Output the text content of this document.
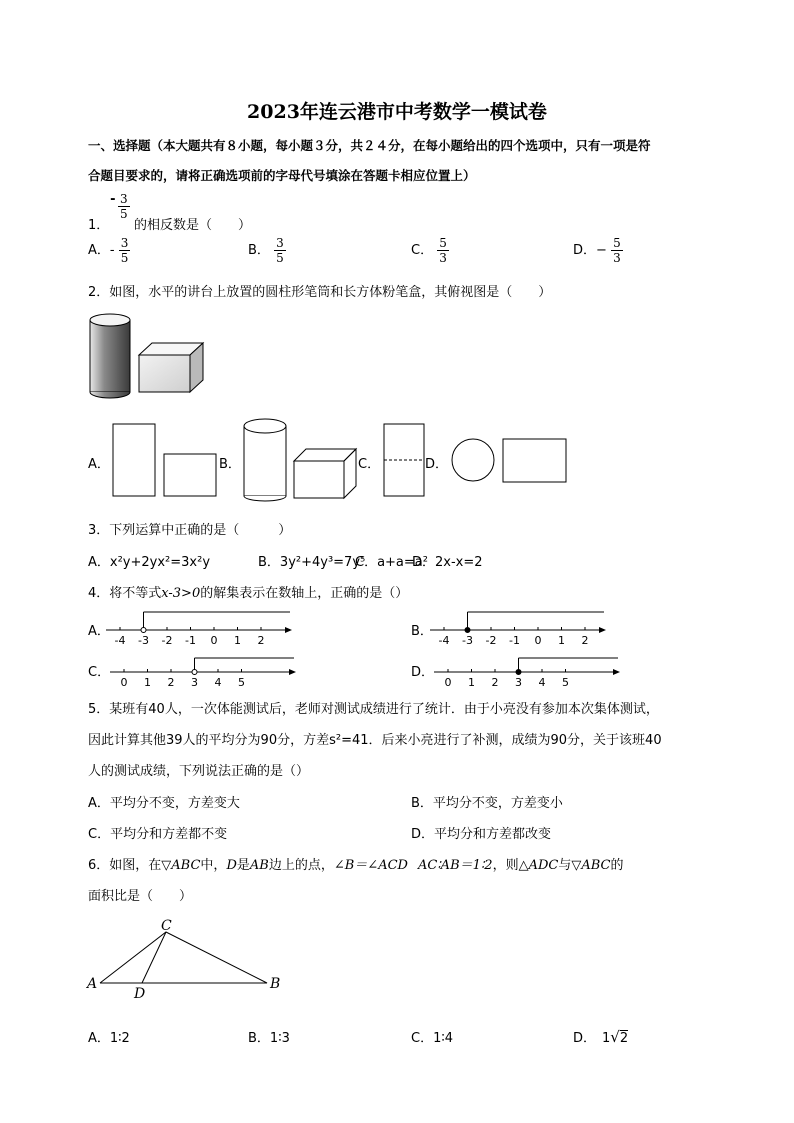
2023年连云港市中考数学一模试卷
一、选择题（本大题共有８小题，每小题３分，共２４分，在每小题给出的四个选项中，只有一项是符
合题目要求的，请将正确选项前的字母代号填涂在答题卡相应位置上）
-
1．
$\frac{3}{5}$
的相反数是（　　）
A．- $\frac{3}{5}$	B． $\frac{3}{5}$	C． $\frac{5}{3}$	D．− $\frac{5}{3}$
2．如图，水平的讲台上放置的圆柱形笔筒和长方体粉笔盒，其俯视图是（　　）
A．	B．	C．	D．
3．下列运算中正确的是（　　　）
A．x²y+2yx²=3x²y	B．3y²+4y³=7y⁵
C．a+a=a²
D．2x-x=2
4．将不等式x-3>0的解集表示在数轴上，正确的是（）
A．
-4 -3 -2 -1 0 1 2
B．
-4 -3 -2 -1 0 1 2
C．
0 1 2 3 4 5
D．
0 1 2 3 4 5
5．某班有40人，一次体能测试后，老师对测试成绩进行了统计．由于小亮没有参加本次集体测试，
因此计算其他39人的平均分为90分，方差s²=41．后来小亮进行了补测，成绩为90分，关于该班40
人的测试成绩，下列说法正确的是（）
A．平均分不变，方差变大	B．平均分不变，方差变小
C．平均分和方差都不变	D．平均分和方差都改变
6．如图，在▽ABC中，D是AB边上的点，∠B＝∠ACD AC∶AB＝1∶2，则△ADC与▽ABC的
面积比是（　　）
A
C
B
D
A．1∶2	B．1∶3	C．1∶4	D． 1√2
